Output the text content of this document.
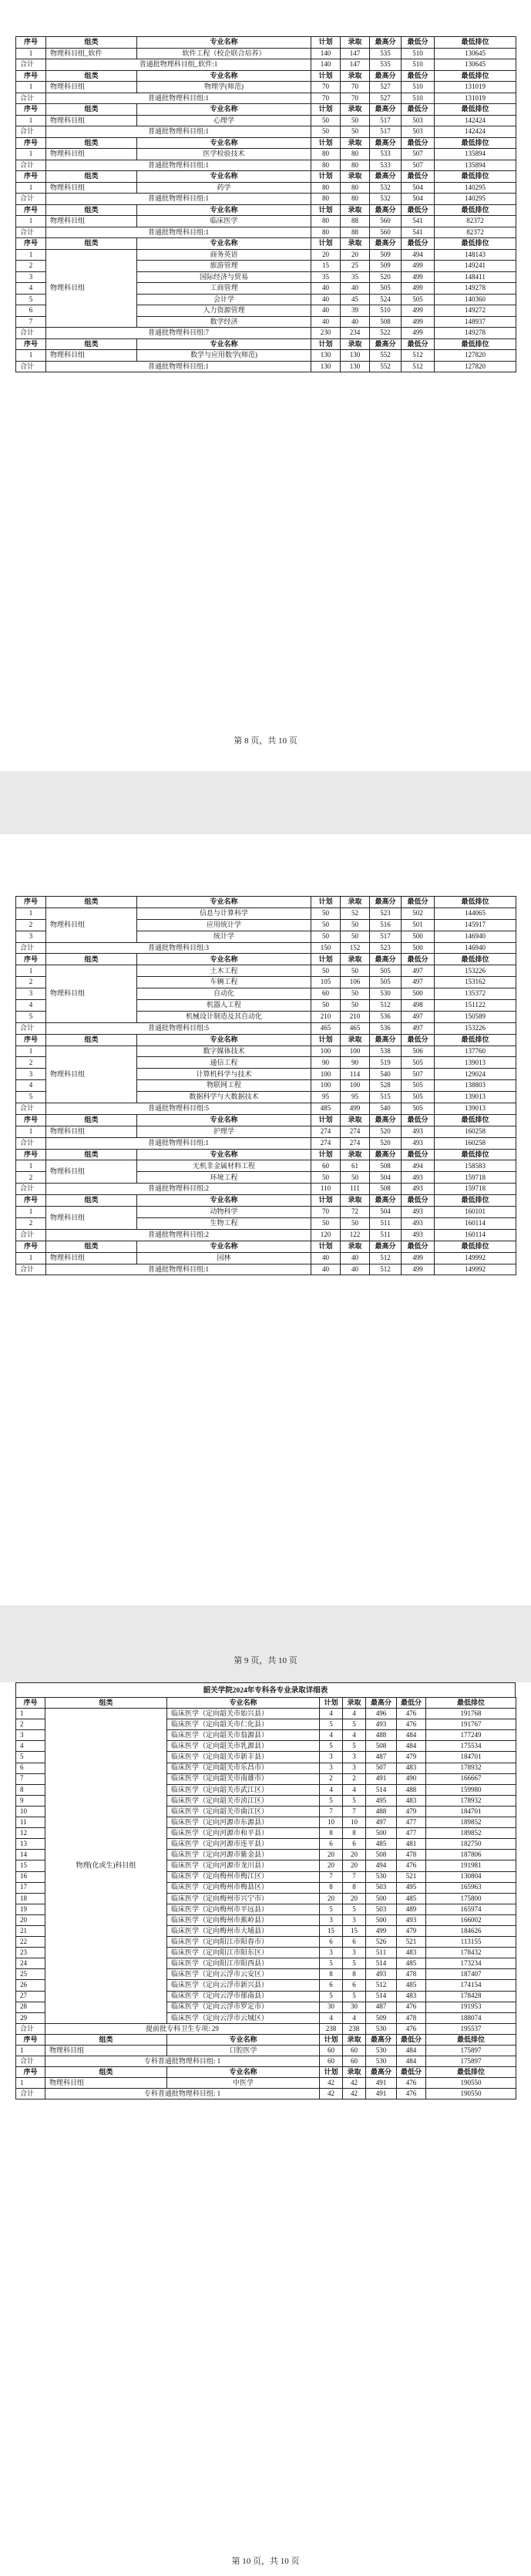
序号	组类	专业名称	计划	录取	最高分	最低分	最低排位
1	物理科目组_软件	软件工程（校企联合培养）	140	147	535	510	130645
合计	普通批物理科目组_软件:1		140	147	535	510	130645
序号	组类	专业名称	计划	录取	最高分	最低分	最低排位
1	物理科目组	物理学(师范)	70	70	527	510	131019
合计	普通批物理科目组:1		70	70	527	510	131019
序号	组类	专业名称	计划	录取	最高分	最低分	最低排位
1	物理科目组	心理学	50	50	517	503	142424
合计	普通批物理科目组:1		50	50	517	503	142424
序号	组类	专业名称	计划	录取	最高分	最低分	最低排位
1	物理科目组	医学检验技术	80	80	533	507	135894
合计	普通批物理科目组:1		80	80	533	507	135894
序号	组类	专业名称	计划	录取	最高分	最低分	最低排位
1	物理科目组	药学	80	80	532	504	140295
合计	普通批物理科目组:1		80	80	532	504	140295
序号	组类	专业名称	计划	录取	最高分	最低分	最低排位
1	物理科目组	临床医学	80	88	560	541	82372
合计	普通批物理科目组:1		80	88	560	541	82372
序号	组类	专业名称	计划	录取	最高分	最低分	最低排位
1	物理科目组	商务英语	20	20	509	494	148143
2		旅游管理	15	25	509	499	149241
3		国际经济与贸易	35	35	520	499	148411
4		工商管理	40	40	505	499	149278
5		会计学	40	45	524	505	140360
6		人力资源管理	40	39	510	499	149272
7		数学经济	40	40	508	499	148937
合计	普通批物理科目组:7		230	234	522	499	149278
序号	组类	专业名称	计划	录取	最高分	最低分	最低排位
1	物理科目组	数学与应用数学(师范)	130	130	552	512	127820
合计	普通批物理科目组:1		130	130	552	512	127820
第 8 页，共 10 页
序号	组类	专业名称	计划	录取	最高分	最低分	最低排位
1	物理科目组	信息与计算科学	50	52	523	502	144065
2		应用统计学	50	50	516	501	145917
3		统计学	50	50	517	500	146940
合计	普通批物理科目组:3		150	152	523	500	146940
序号	组类	专业名称	计划	录取	最高分	最低分	最低排位
1	物理科目组	土木工程	50	50	505	497	153226
2		车辆工程	105	106	505	497	153162
3		自动化	60	50	530	500	135372
4		机器人工程	50	50	512	498	151122
5		机械设计制造及其自动化	210	210	536	497	150589
合计	普通批物理科目组:5		465	465	536	497	153226
序号	组类	专业名称	计划	录取	最高分	最低分	最低排位
1	物理科目组	数字媒体技术	100	100	538	506	137760
2		通信工程	90	90	519	505	139013
3		计算机科学与技术	100	114	540	507	129024
4		物联网工程	100	100	528	505	138803
5		数据科学与大数据技术	95	95	515	505	139013
合计	普通批物理科目组:5		485	499	540	505	139013
序号	组类	专业名称	计划	录取	最高分	最低分	最低排位
1	物理科目组	护理学	274	274	520	493	160258
合计	普通批物理科目组:1		274	274	520	493	160258
序号	组类	专业名称	计划	录取	最高分	最低分	最低排位
1	物理科目组	无机非金属材料工程	60	61	508	494	158583
2		环境工程	50	50	504	493	159718
合计	普通批物理科目组:2		110	111	508	493	159718
序号	组类	专业名称	计划	录取	最高分	最低分	最低排位
1	物理科目组	动物科学	70	72	504	493	160101
2		生物工程	50	50	511	493	160114
合计	普通批物理科目组:2		120	122	511	493	160114
序号	组类	专业名称	计划	录取	最高分	最低分	最低排位
1	物理科目组	园林	40	40	512	499	149992
合计	普通批物理科目组:1		40	40	512	499	149992
第 9 页，共 10 页
韶关学院2024年专科各专业录取详细表
序号	组类	专业名称	计划	录取	最高分	最低分	最低排位
1	物理(化或生)科目组	临床医学（定向韶关市始兴县）	4	4	496	476	191768
2		临床医学（定向韶关市仁化县）	5	5	493	476	191767
3		临床医学（定向韶关市翁源县）	4	4	488	484	177249
4		临床医学（定向韶关市乳源县）	5	5	508	484	175534
5		临床医学（定向韶关市新丰县）	3	3	487	479	184701
6		临床医学（定向韶关市乐昌市）	3	3	507	483	178932
7		临床医学（定向韶关市南雄市）	2	2	491	490	166667
8		临床医学（定向韶关市武江区）	4	4	514	488	159980
9		临床医学（定向韶关市浈江区）	5	5	495	483	178932
10		临床医学（定向韶关市曲江区）	7	7	488	479	184701
11		临床医学（定向河源市东源县）	10	10	497	477	189852
12		临床医学（定向河源市和平县）	8	8	500	477	189852
13		临床医学（定向河源市连平县）	6	6	485	481	182750
14		临床医学（定向河源市紫金县）	20	20	508	478	187806
15		临床医学（定向河源市龙川县）	20	20	494	476	191981
16		临床医学（定向梅州市梅江区）	7	7	530	521	130804
17		临床医学（定向梅州市梅县区）	8	8	503	495	165963
18		临床医学（定向梅州市兴宁市）	20	20	500	485	175800
19		临床医学（定向梅州市平远县）	5	5	503	489	165974
20		临床医学（定向梅州市蕉岭县）	3	3	500	493	166002
21		临床医学（定向梅州市大埔县）	15	15	499	479	184626
22		临床医学（定向阳江市阳春市）	6	6	526	521	113155
23		临床医学（定向阳江市阳东区）	3	3	511	483	178432
24		临床医学（定向阳江市阳西县）	5	5	514	485	173234
25		临床医学（定向云浮市云安区）	8	8	493	478	187407
26		临床医学（定向云浮市新兴县）	6	6	512	485	174154
27		临床医学（定向云浮市郁南县）	5	5	514	483	178428
28		临床医学（定向云浮市罗定市）	30	30	487	476	191953
29		临床医学（定向云浮市云城区）	4	4	509	478	188074
合计	提前批专科卫生专项: 29		238	238	530	476	195537
序号	组类	专业名称	计划	录取	最高分	最低分	最低排位
1	物理科目组	口腔医学	60	60	530	484	175897
合计	专科普通批物理科目组: 1		60	60	530	484	175897
序号	组类	专业名称	计划	录取	最高分	最低分	最低排位
1	物理科目组	中医学	42	42	491	476	190550
合计	专科普通批物理科目组: 1		42	42	491	476	190550
第 10 页，共 10 页
